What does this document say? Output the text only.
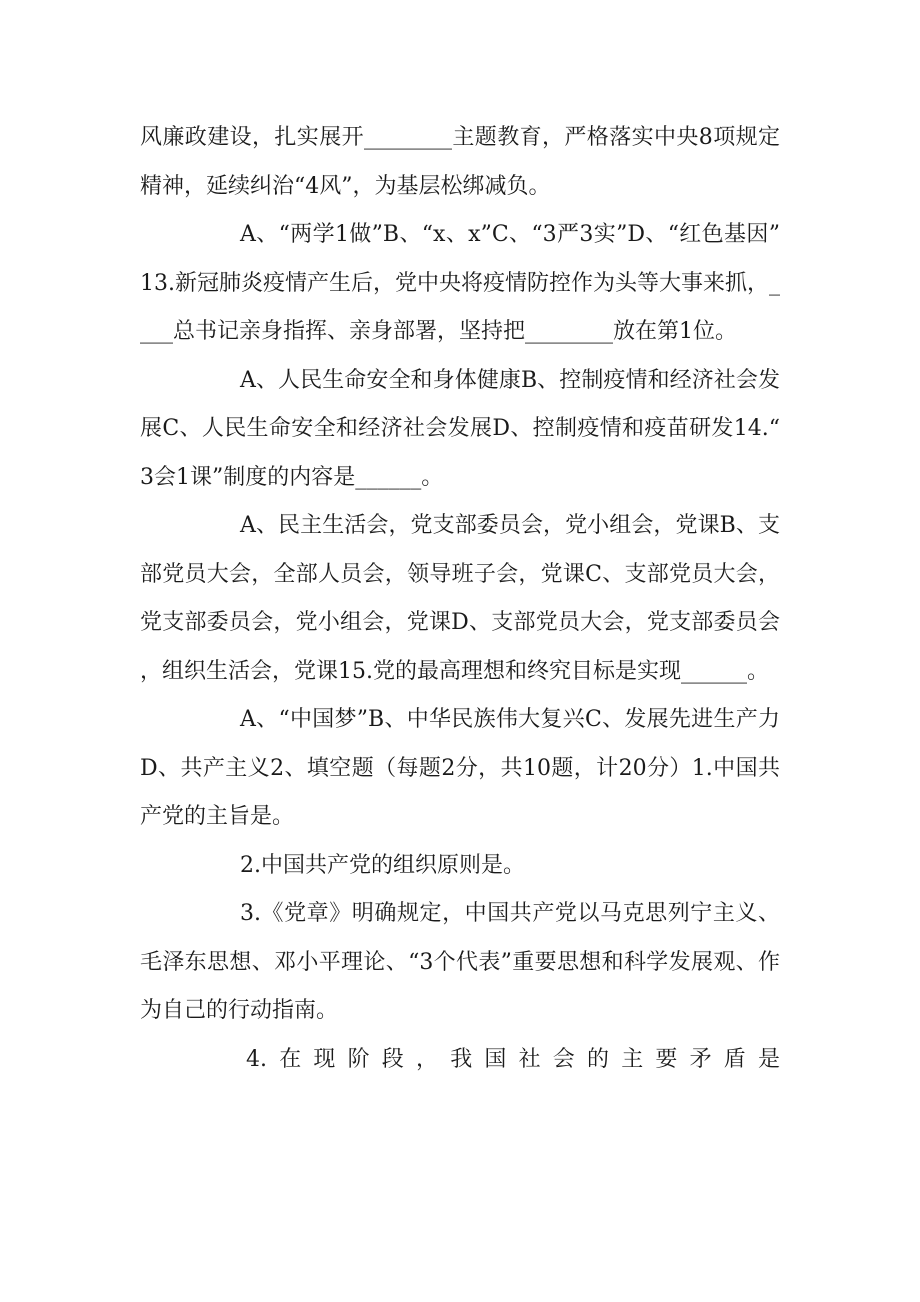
风廉政建设，扎实展开________主题教育，严格落实中央8项规定精神，延续纠治“4风”，为基层松绑减负。

A、“两学1做”B、“x、x”C、“3严3实”D、“红色基因”13.新冠肺炎疫情产生后，党中央将疫情防控作为头等大事来抓，____总书记亲身指挥、亲身部署，坚持把________放在第1位。

A、人民生命安全和身体健康B、控制疫情和经济社会发展C、人民生命安全和经济社会发展D、控制疫情和疫苗研发14.“3会1课”制度的内容是______。

A、民主生活会，党支部委员会，党小组会，党课B、支部党员大会，全部人员会，领导班子会，党课C、支部党员大会，党支部委员会，党小组会，党课D、支部党员大会，党支部委员会，组织生活会，党课15.党的最高理想和终究目标是实现______。

A、“中国梦”B、中华民族伟大复兴C、发展先进生产力D、共产主义2、填空题（每题2分，共10题，计20分）1.中国共产党的主旨是。

2.中国共产党的组织原则是。

3.《党章》明确规定，中国共产党以马克思列宁主义、毛泽东思想、邓小平理论、“3个代表”重要思想和科学发展观、作为自己的行动指南。

4.在现阶段，我国社会的主要矛盾是
